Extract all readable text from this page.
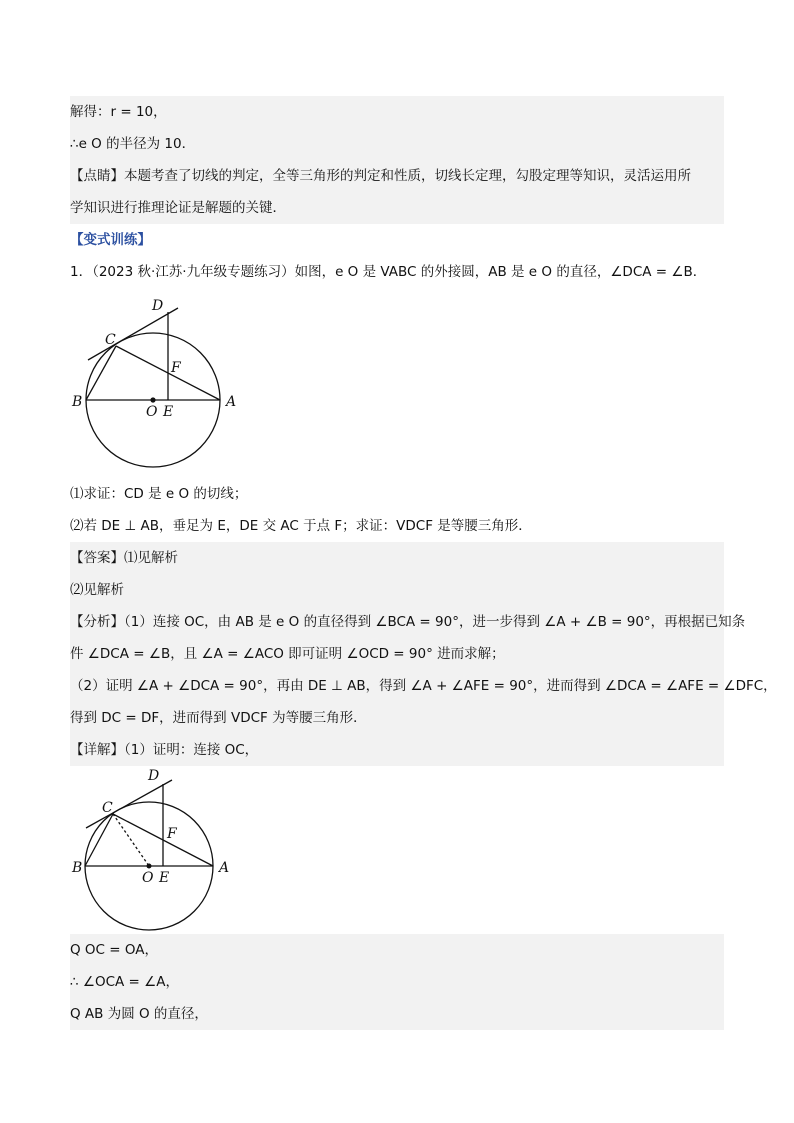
解得：r = 10，
∴e O 的半径为 10．
【点睛】本题考查了切线的判定，全等三角形的判定和性质，切线长定理，勾股定理等知识，灵活运用所
学知识进行推理论证是解题的关键．
【变式训练】
1．（2023 秋·江苏·九年级专题练习）如图，e O 是 VABC 的外接圆，AB 是 e O 的直径，∠DCA = ∠B．
D
C
F
B
O E
A
⑴求证：CD 是 e O 的切线；
⑵若 DE ⊥ AB，垂足为 E，DE 交 AC 于点 F；求证：VDCF 是等腰三角形．
【答案】⑴见解析
⑵见解析
【分析】（1）连接 OC，由 AB 是 e O 的直径得到 ∠BCA = 90°，进一步得到 ∠A + ∠B = 90°，再根据已知条
件 ∠DCA = ∠B，且 ∠A = ∠ACO 即可证明 ∠OCD = 90° 进而求解；
（2）证明 ∠A + ∠DCA = 90°，再由 DE ⊥ AB，得到 ∠A + ∠AFE = 90°，进而得到 ∠DCA = ∠AFE = ∠DFC，
得到 DC = DF，进而得到 VDCF 为等腰三角形．
【详解】（1）证明：连接 OC，
D
C
F
B
O E
A
Q OC = OA，
∴ ∠OCA = ∠A，
Q AB 为圆 O 的直径，
